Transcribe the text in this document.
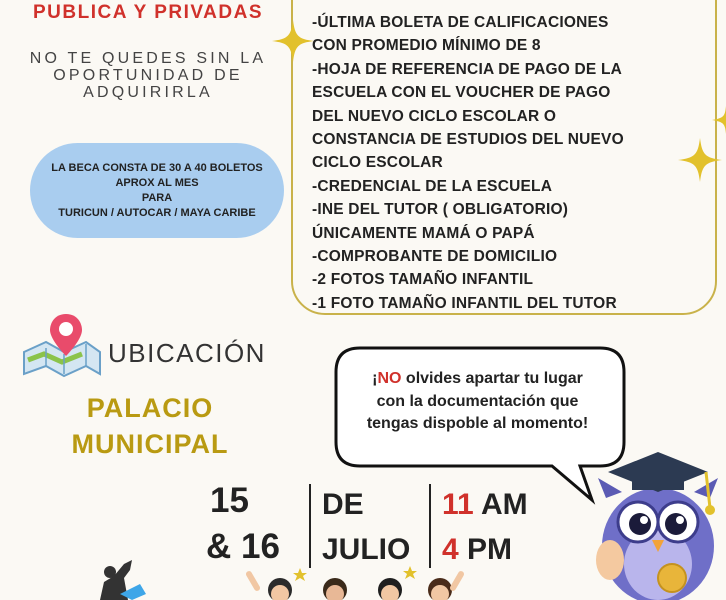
PUBLICA Y PRIVADAS
NO TE QUEDES SIN LA
OPORTUNIDAD DE
ADQUIRIRLA
LA BECA CONSTA DE 30 A 40 BOLETOS
APROX AL MES
PARA
TURICUN / AUTOCAR / MAYA CARIBE
-ÚLTIMA BOLETA DE CALIFICACIONES
CON PROMEDIO MÍNIMO DE 8
-HOJA DE REFERENCIA DE PAGO DE LA
ESCUELA CON EL VOUCHER DE PAGO
DEL NUEVO CICLO ESCOLAR O
CONSTANCIA DE ESTUDIOS DEL NUEVO
CICLO ESCOLAR
-CREDENCIAL DE LA ESCUELA
-INE DEL TUTOR ( OBLIGATORIO)
ÚNICAMENTE MAMÁ O PAPÁ
-COMPROBANTE DE DOMICILIO
-2 FOTOS TAMAÑO INFANTIL
-1 FOTO TAMAÑO INFANTIL DEL TUTOR
UBICACIÓN
PALACIO
MUNICIPAL
¡NO olvides apartar tu lugar
con la documentación que
tengas dispoble al momento!
15
& 16
DE
JULIO
11 AM
4 PM
